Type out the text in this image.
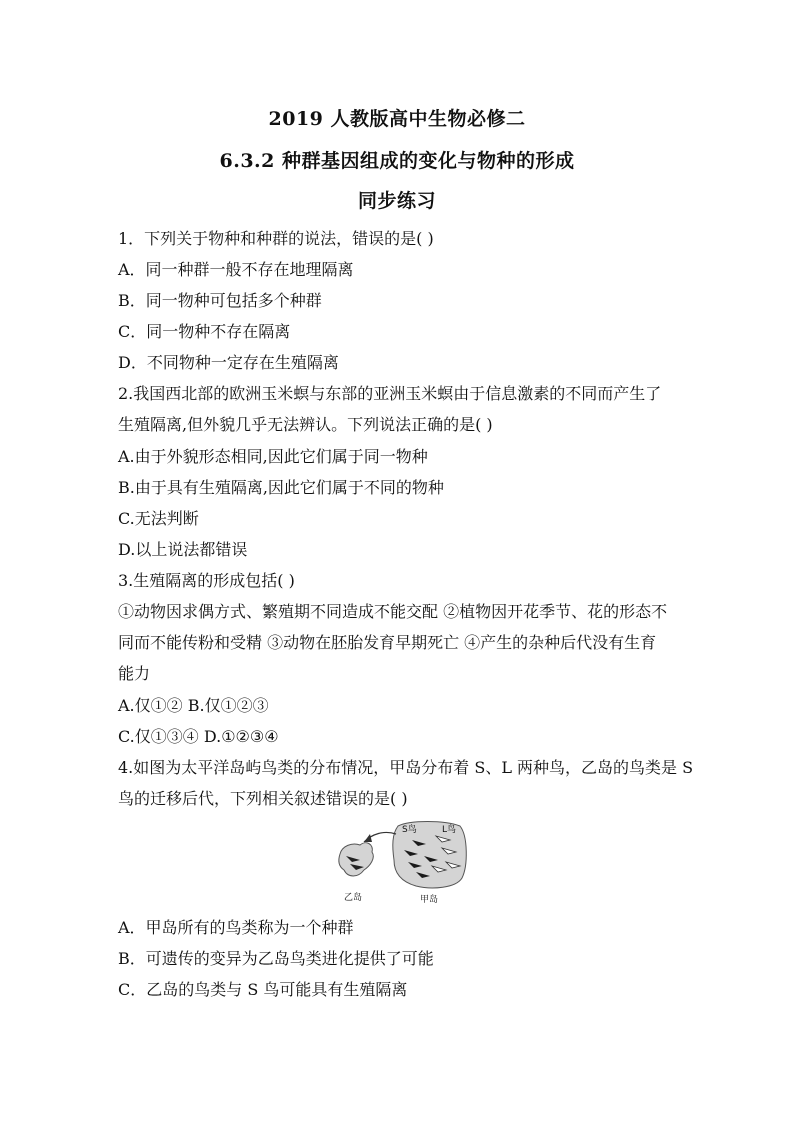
2019 人教版高中生物必修二
6.3.2 种群基因组成的变化与物种的形成
同步练习
1．下列关于物种和种群的说法，错误的是( )
A．同一种群一般不存在地理隔离
B．同一物种可包括多个种群
C．同一物种不存在隔离
D．不同物种一定存在生殖隔离
2.我国西北部的欧洲玉米螟与东部的亚洲玉米螟由于信息激素的不同而产生了
生殖隔离,但外貌几乎无法辨认。下列说法正确的是( )
A.由于外貌形态相同,因此它们属于同一物种
B.由于具有生殖隔离,因此它们属于不同的物种
C.无法判断
D.以上说法都错误
3.生殖隔离的形成包括( )
①动物因求偶方式、繁殖期不同造成不能交配 ②植物因开花季节、花的形态不
同而不能传粉和受精 ③动物在胚胎发育早期死亡 ④产生的杂种后代没有生育
能力
A.仅①② B.仅①②③
C.仅①③④ D.①②③④
4.如图为太平洋岛屿鸟类的分布情况，甲岛分布着 S、L 两种鸟，乙岛的鸟类是 S
鸟的迁移后代，下列相关叙述错误的是( )
S鸟	L鸟
乙岛	甲岛
A．甲岛所有的鸟类称为一个种群
B．可遗传的变异为乙岛鸟类进化提供了可能
C．乙岛的鸟类与 S 鸟可能具有生殖隔离
